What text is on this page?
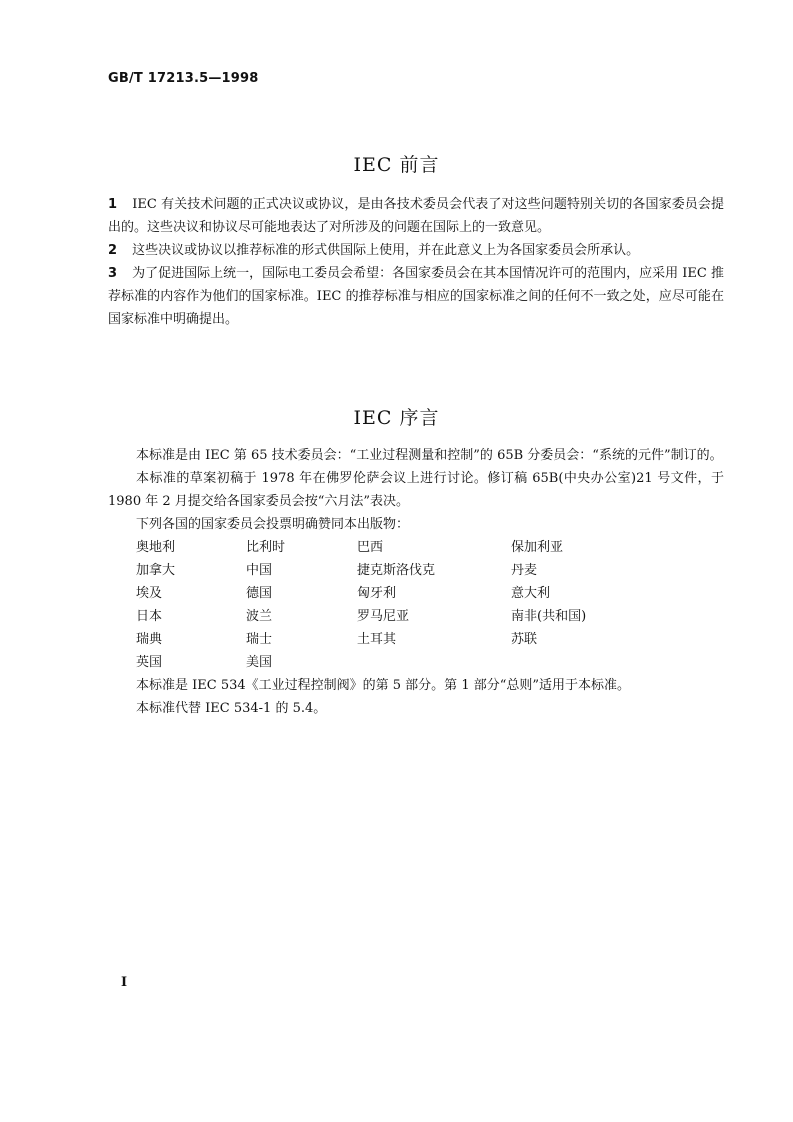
GB/T 17213.5—1998
IEC 前言

1 IEC 有关技术问题的正式决议或协议，是由各技术委员会代表了对这些问题特别关切的各国家委员会提出的。这些决议和协议尽可能地表达了对所涉及的问题在国际上的一致意见。

2 这些决议或协议以推荐标准的形式供国际上使用，并在此意义上为各国家委员会所承认。

3 为了促进国际上统一，国际电工委员会希望：各国家委员会在其本国情况许可的范围内，应采用 IEC 推荐标准的内容作为他们的国家标准。IEC 的推荐标准与相应的国家标准之间的任何不一致之处，应尽可能在国家标准中明确提出。

IEC 序言

本标准是由 IEC 第 65 技术委员会：“工业过程测量和控制”的 65B 分委员会：“系统的元件”制订的。

本标准的草案初稿于 1978 年在佛罗伦萨会议上进行讨论。修订稿 65B(中央办公室)21 号文件，于 1980 年 2 月提交给各国家委员会按“六月法”表决。

下列各国的国家委员会投票明确赞同本出版物：

奥地利	比利时	巴西	保加利亚
加拿大	中国	捷克斯洛伐克	丹麦
埃及	德国	匈牙利	意大利
日本	波兰	罗马尼亚	南非(共和国)
瑞典	瑞士	土耳其	苏联
英国	美国		

本标准是 IEC 534《工业过程控制阀》的第 5 部分。第 1 部分“总则”适用于本标准。

本标准代替 IEC 534-1 的 5.4。

I
